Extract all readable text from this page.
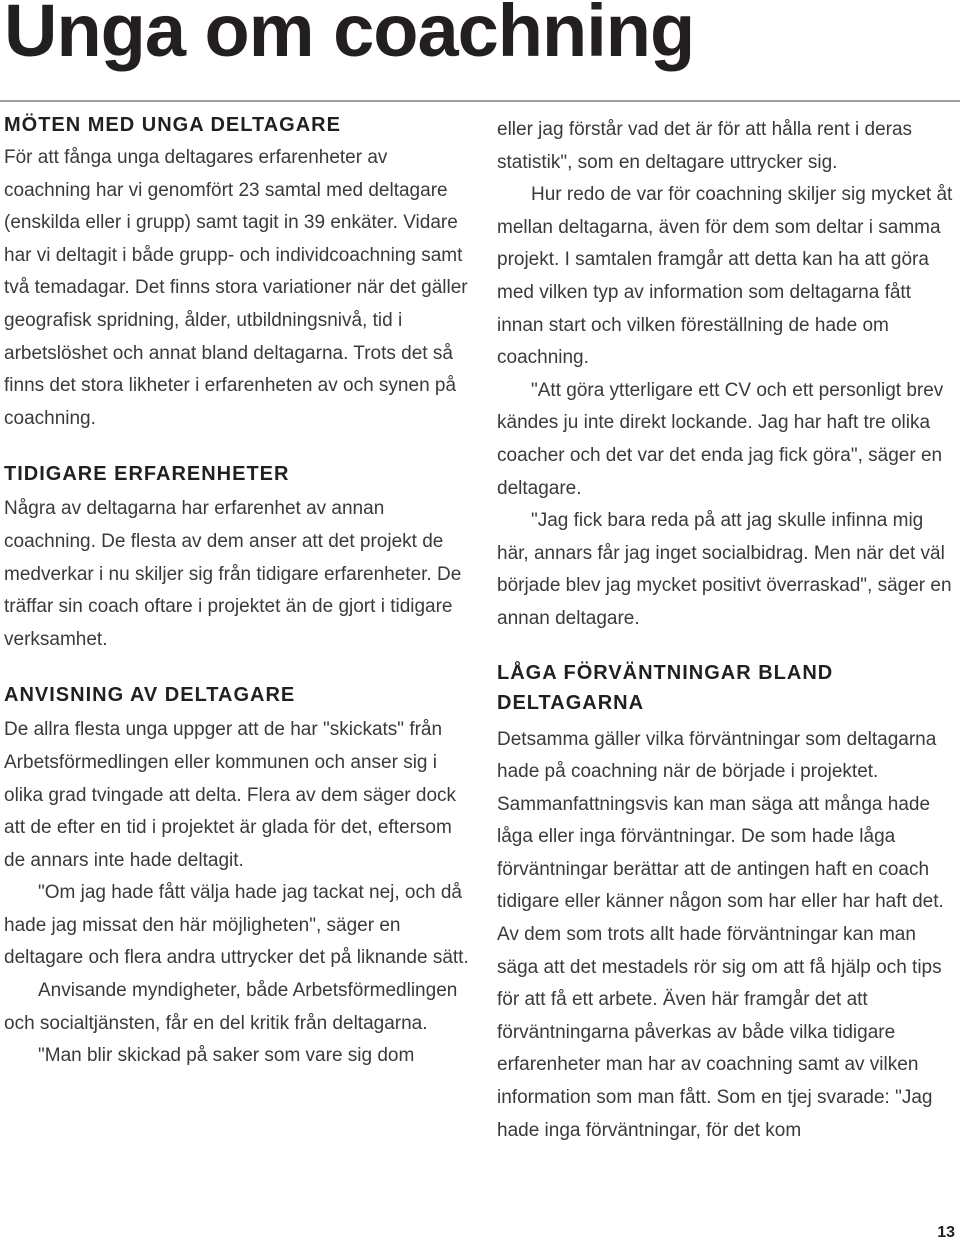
Unga om coachning
MÖTEN MED UNGA DELTAGARE

För att fånga unga deltagares erfarenheter av coachning har vi genomfört 23 samtal med deltagare (enskilda eller i grupp) samt tagit in 39 enkäter. Vidare har vi deltagit i både grupp- och individcoachning samt två temadagar. Det finns stora variationer när det gäller geografisk spridning, ålder, utbildningsnivå, tid i arbetslöshet och annat bland deltagarna. Trots det så finns det stora likheter i erfarenheten av och synen på coachning.

TIDIGARE ERFARENHETER

Några av deltagarna har erfarenhet av annan coachning. De flesta av dem anser att det projekt de medverkar i nu skiljer sig från tidigare erfarenheter. De träffar sin coach oftare i projektet än de gjort i tidigare verksamhet.

ANVISNING AV DELTAGARE

De allra flesta unga uppger att de har "skickats" från Arbetsförmedlingen eller kommunen och anser sig i olika grad tvingade att delta. Flera av dem säger dock att de efter en tid i projektet är glada för det, eftersom de annars inte hade deltagit.

"Om jag hade fått välja hade jag tackat nej, och då hade jag missat den här möjligheten", säger en deltagare och flera andra uttrycker det på liknande sätt.

Anvisande myndigheter, både Arbetsförmedlingen och socialtjänsten, får en del kritik från deltagarna.

"Man blir skickad på saker som vare sig dom

eller jag förstår vad det är för att hålla rent i deras statistik", som en deltagare uttrycker sig.

Hur redo de var för coachning skiljer sig mycket åt mellan deltagarna, även för dem som deltar i samma projekt. I samtalen framgår att detta kan ha att göra med vilken typ av information som deltagarna fått innan start och vilken föreställning de hade om coachning.

"Att göra ytterligare ett CV och ett personligt brev kändes ju inte direkt lockande. Jag har haft tre olika coacher och det var det enda jag fick göra", säger en deltagare.

"Jag fick bara reda på att jag skulle infinna mig här, annars får jag inget socialbidrag. Men när det väl började blev jag mycket positivt överraskad", säger en annan deltagare.

LÅGA FÖRVÄNTNINGAR BLAND DELTAGARNA

Detsamma gäller vilka förväntningar som deltagarna hade på coachning när de började i projektet. Sammanfattningsvis kan man säga att många hade låga eller inga förväntningar. De som hade låga förväntningar berättar att de antingen haft en coach tidigare eller känner någon som har eller har haft det. Av dem som trots allt hade förväntningar kan man säga att det mestadels rör sig om att få hjälp och tips för att få ett arbete. Även här framgår det att förväntningarna påverkas av både vilka tidigare erfarenheter man har av coachning samt av vilken information som man fått. Som en tjej svarade: "Jag hade inga förväntningar, för det kom

13
